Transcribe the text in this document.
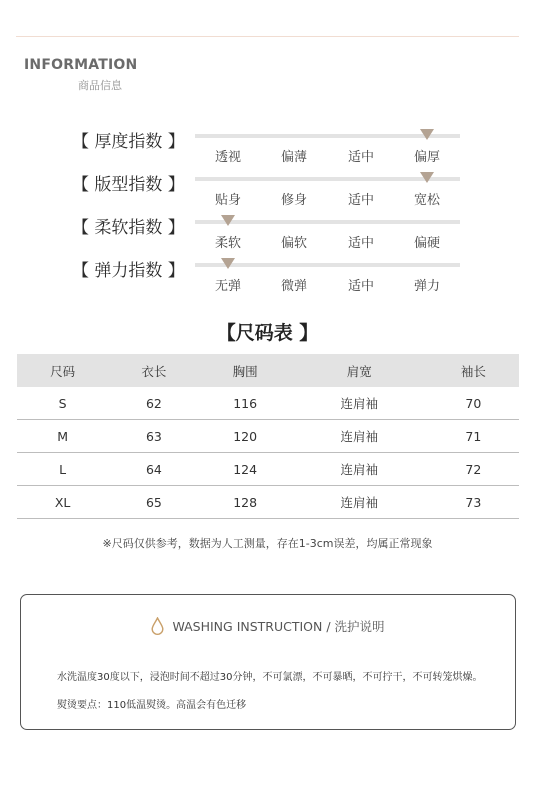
INFORMATION
商品信息
【 厚度指数 】
透视	偏薄	适中	偏厚
【 版型指数 】
贴身	修身	适中	宽松
【 柔软指数 】
柔软	偏软	适中	偏硬
【 弹力指数 】
无弹	微弹	适中	弹力
【尺码表 】
尺码	衣长	胸围	肩宽	袖长
S	62	116	连肩袖	70
M	63	120	连肩袖	71
L	64	124	连肩袖	72
XL	65	128	连肩袖	73
※尺码仅供参考，数据为人工测量，存在1-3cm误差，均属正常现象
WASHING INSTRUCTION / 洗护说明
水洗温度30度以下，浸泡时间不超过30分钟，不可氯漂，不可暴晒，不可拧干，不可转笼烘燥。
熨烫要点：110低温熨烫。高温会有色迁移
